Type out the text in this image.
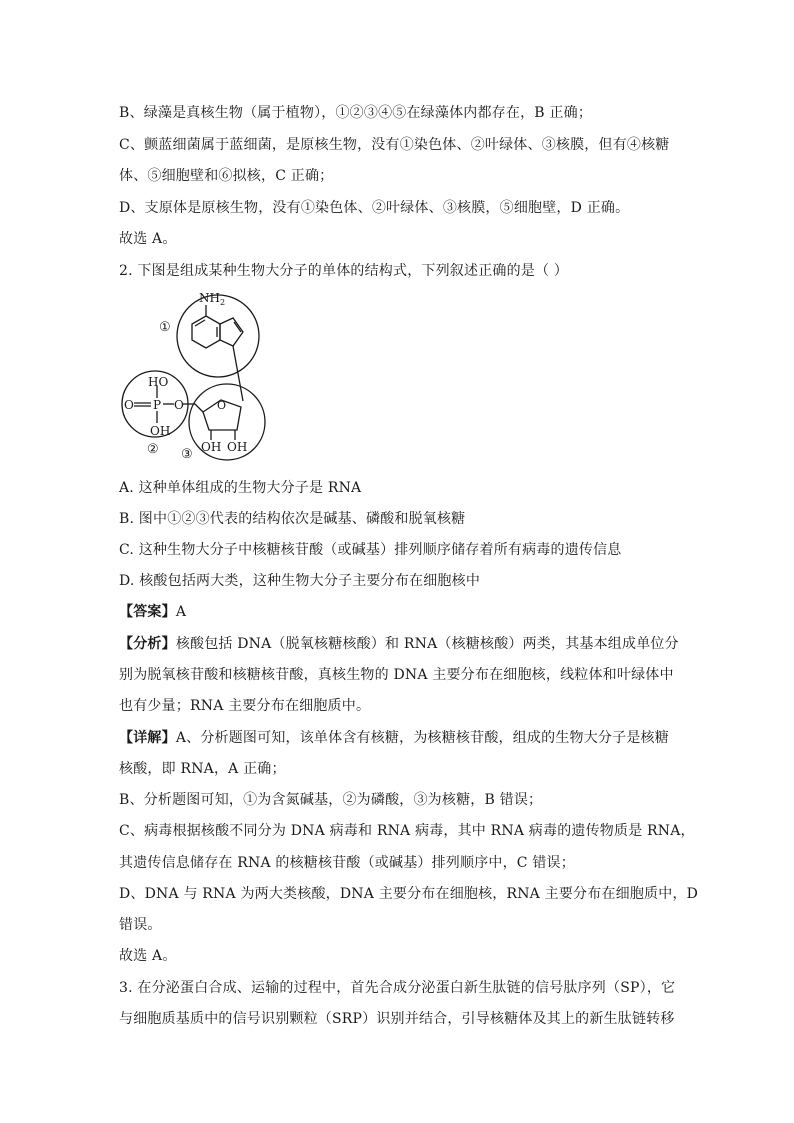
B、绿藻是真核生物（属于植物），①②③④⑤在绿藻体内都存在，B 正确；
C、颤蓝细菌属于蓝细菌，是原核生物，没有①染色体、②叶绿体、③核膜，但有④核糖
体、⑤细胞壁和⑥拟核，C 正确；
D、支原体是原核生物，没有①染色体、②叶绿体、③核膜，⑤细胞壁，D 正确。
故选 A。
2. 下图是组成某种生物大分子的单体的结构式，下列叙述正确的是（ ）
$NH_2$
HO
O P O
OH
O
OH OH
①
② ③
A. 这种单体组成的生物大分子是 RNA
B. 图中①②③代表的结构依次是碱基、磷酸和脱氧核糖
C. 这种生物大分子中核糖核苷酸（或碱基）排列顺序储存着所有病毒的遗传信息
D. 核酸包括两大类，这种生物大分子主要分布在细胞核中
【答案】A
【分析】核酸包括 DNA（脱氧核糖核酸）和 RNA（核糖核酸）两类，其基本组成单位分
别为脱氧核苷酸和核糖核苷酸，真核生物的 DNA 主要分布在细胞核，线粒体和叶绿体中
也有少量；RNA 主要分布在细胞质中。
【详解】A、分析题图可知，该单体含有核糖，为核糖核苷酸，组成的生物大分子是核糖
核酸，即 RNA，A 正确；
B、分析题图可知，①为含氮碱基，②为磷酸，③为核糖，B 错误；
C、病毒根据核酸不同分为 DNA 病毒和 RNA 病毒，其中 RNA 病毒的遗传物质是 RNA，
其遗传信息储存在 RNA 的核糖核苷酸（或碱基）排列顺序中，C 错误；
D、DNA 与 RNA 为两大类核酸，DNA 主要分布在细胞核，RNA 主要分布在细胞质中，D
错误。
故选 A。
3. 在分泌蛋白合成、运输的过程中，首先合成分泌蛋白新生肽链的信号肽序列（SP），它
与细胞质基质中的信号识别颗粒（SRP）识别并结合，引导核糖体及其上的新生肽链转移
